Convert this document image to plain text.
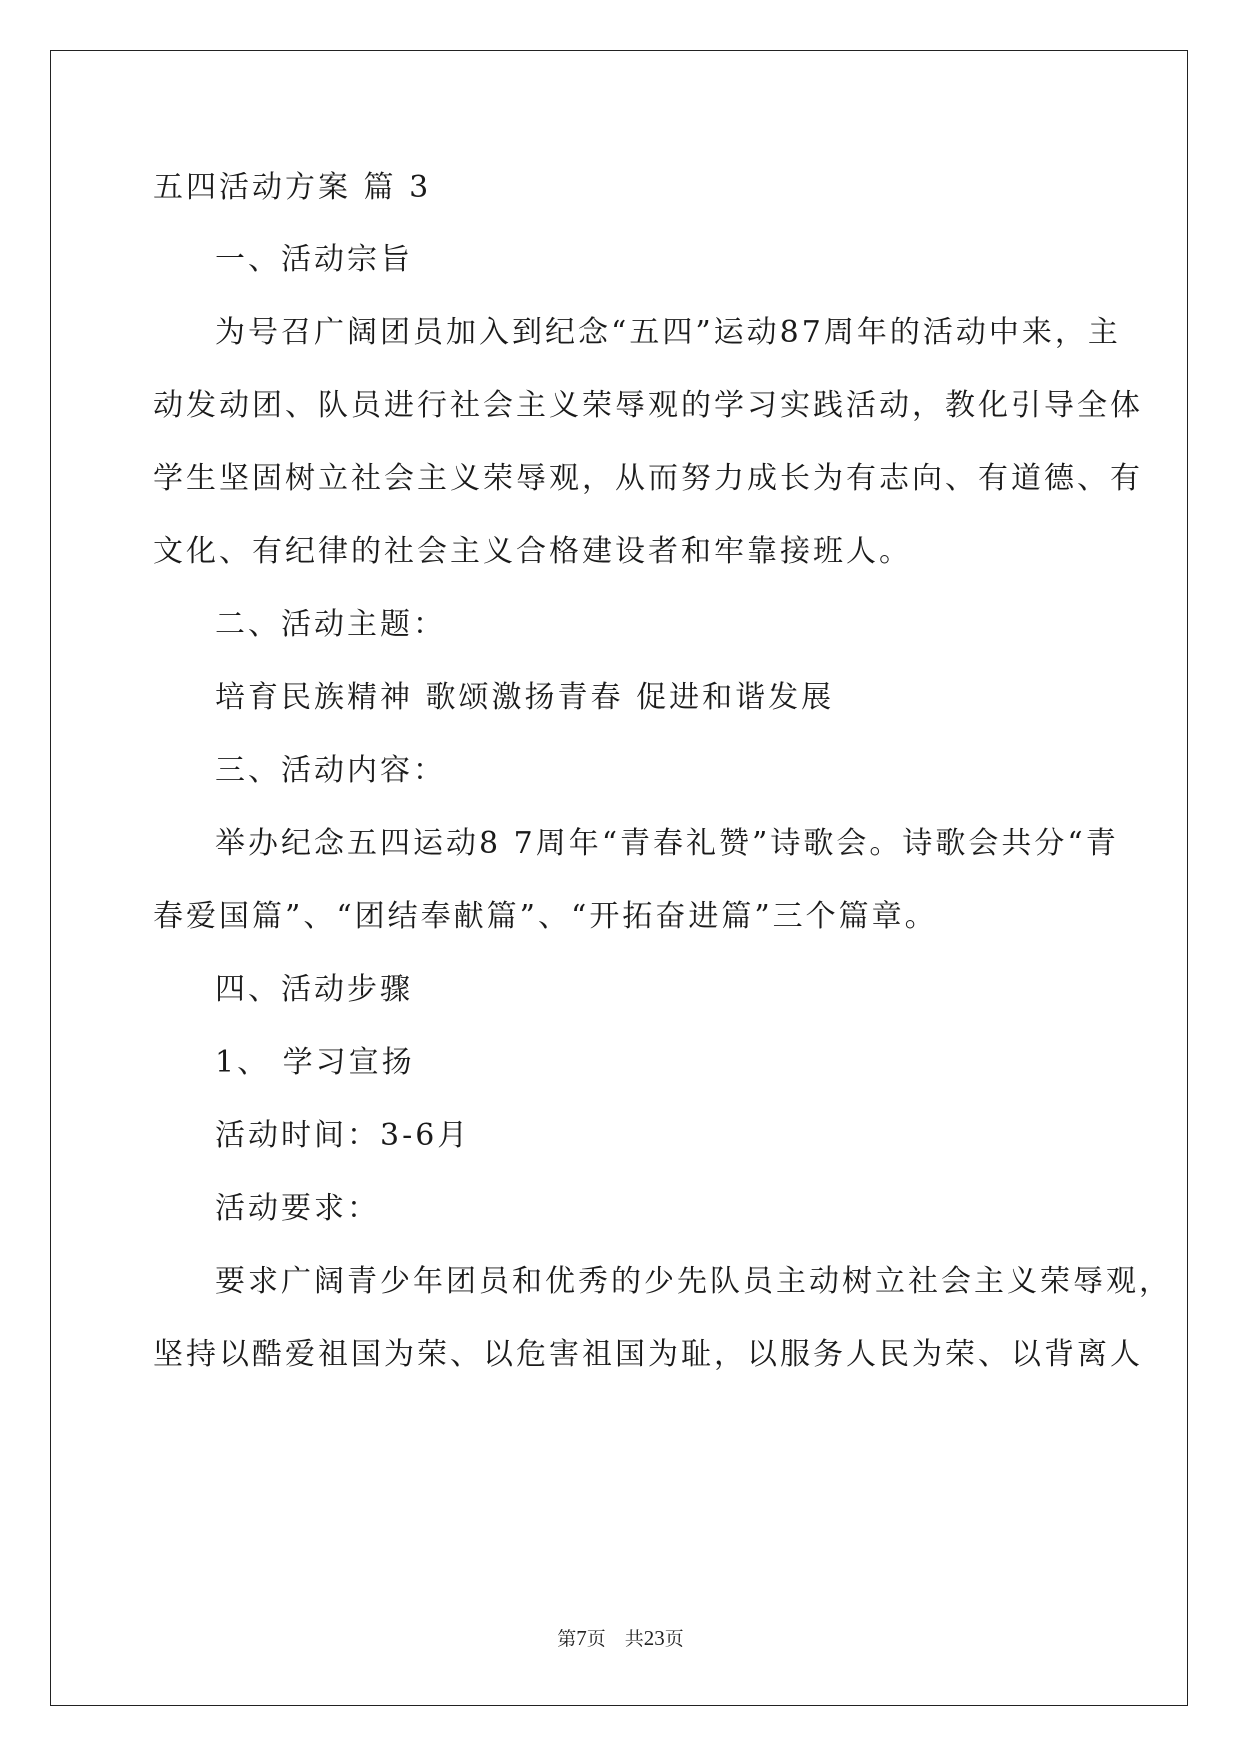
五四活动方案 篇 3
一、活动宗旨
为号召广阔团员加入到纪念“五四”运动87周年的活动中来，主
动发动团、队员进行社会主义荣辱观的学习实践活动，教化引导全体
学生坚固树立社会主义荣辱观，从而努力成长为有志向、有道德、有
文化、有纪律的社会主义合格建设者和牢靠接班人。
二、活动主题：
培育民族精神 歌颂激扬青春 促进和谐发展
三、活动内容：
举办纪念五四运动8 7周年“青春礼赞”诗歌会。诗歌会共分“青
春爱国篇”、“团结奉献篇”、“开拓奋进篇”三个篇章。
四、活动步骤
1、 学习宣扬
活动时间：3-6月
活动要求：
要求广阔青少年团员和优秀的少先队员主动树立社会主义荣辱观，
坚持以酷爱祖国为荣、以危害祖国为耻，以服务人民为荣、以背离人
第7页 共23页
